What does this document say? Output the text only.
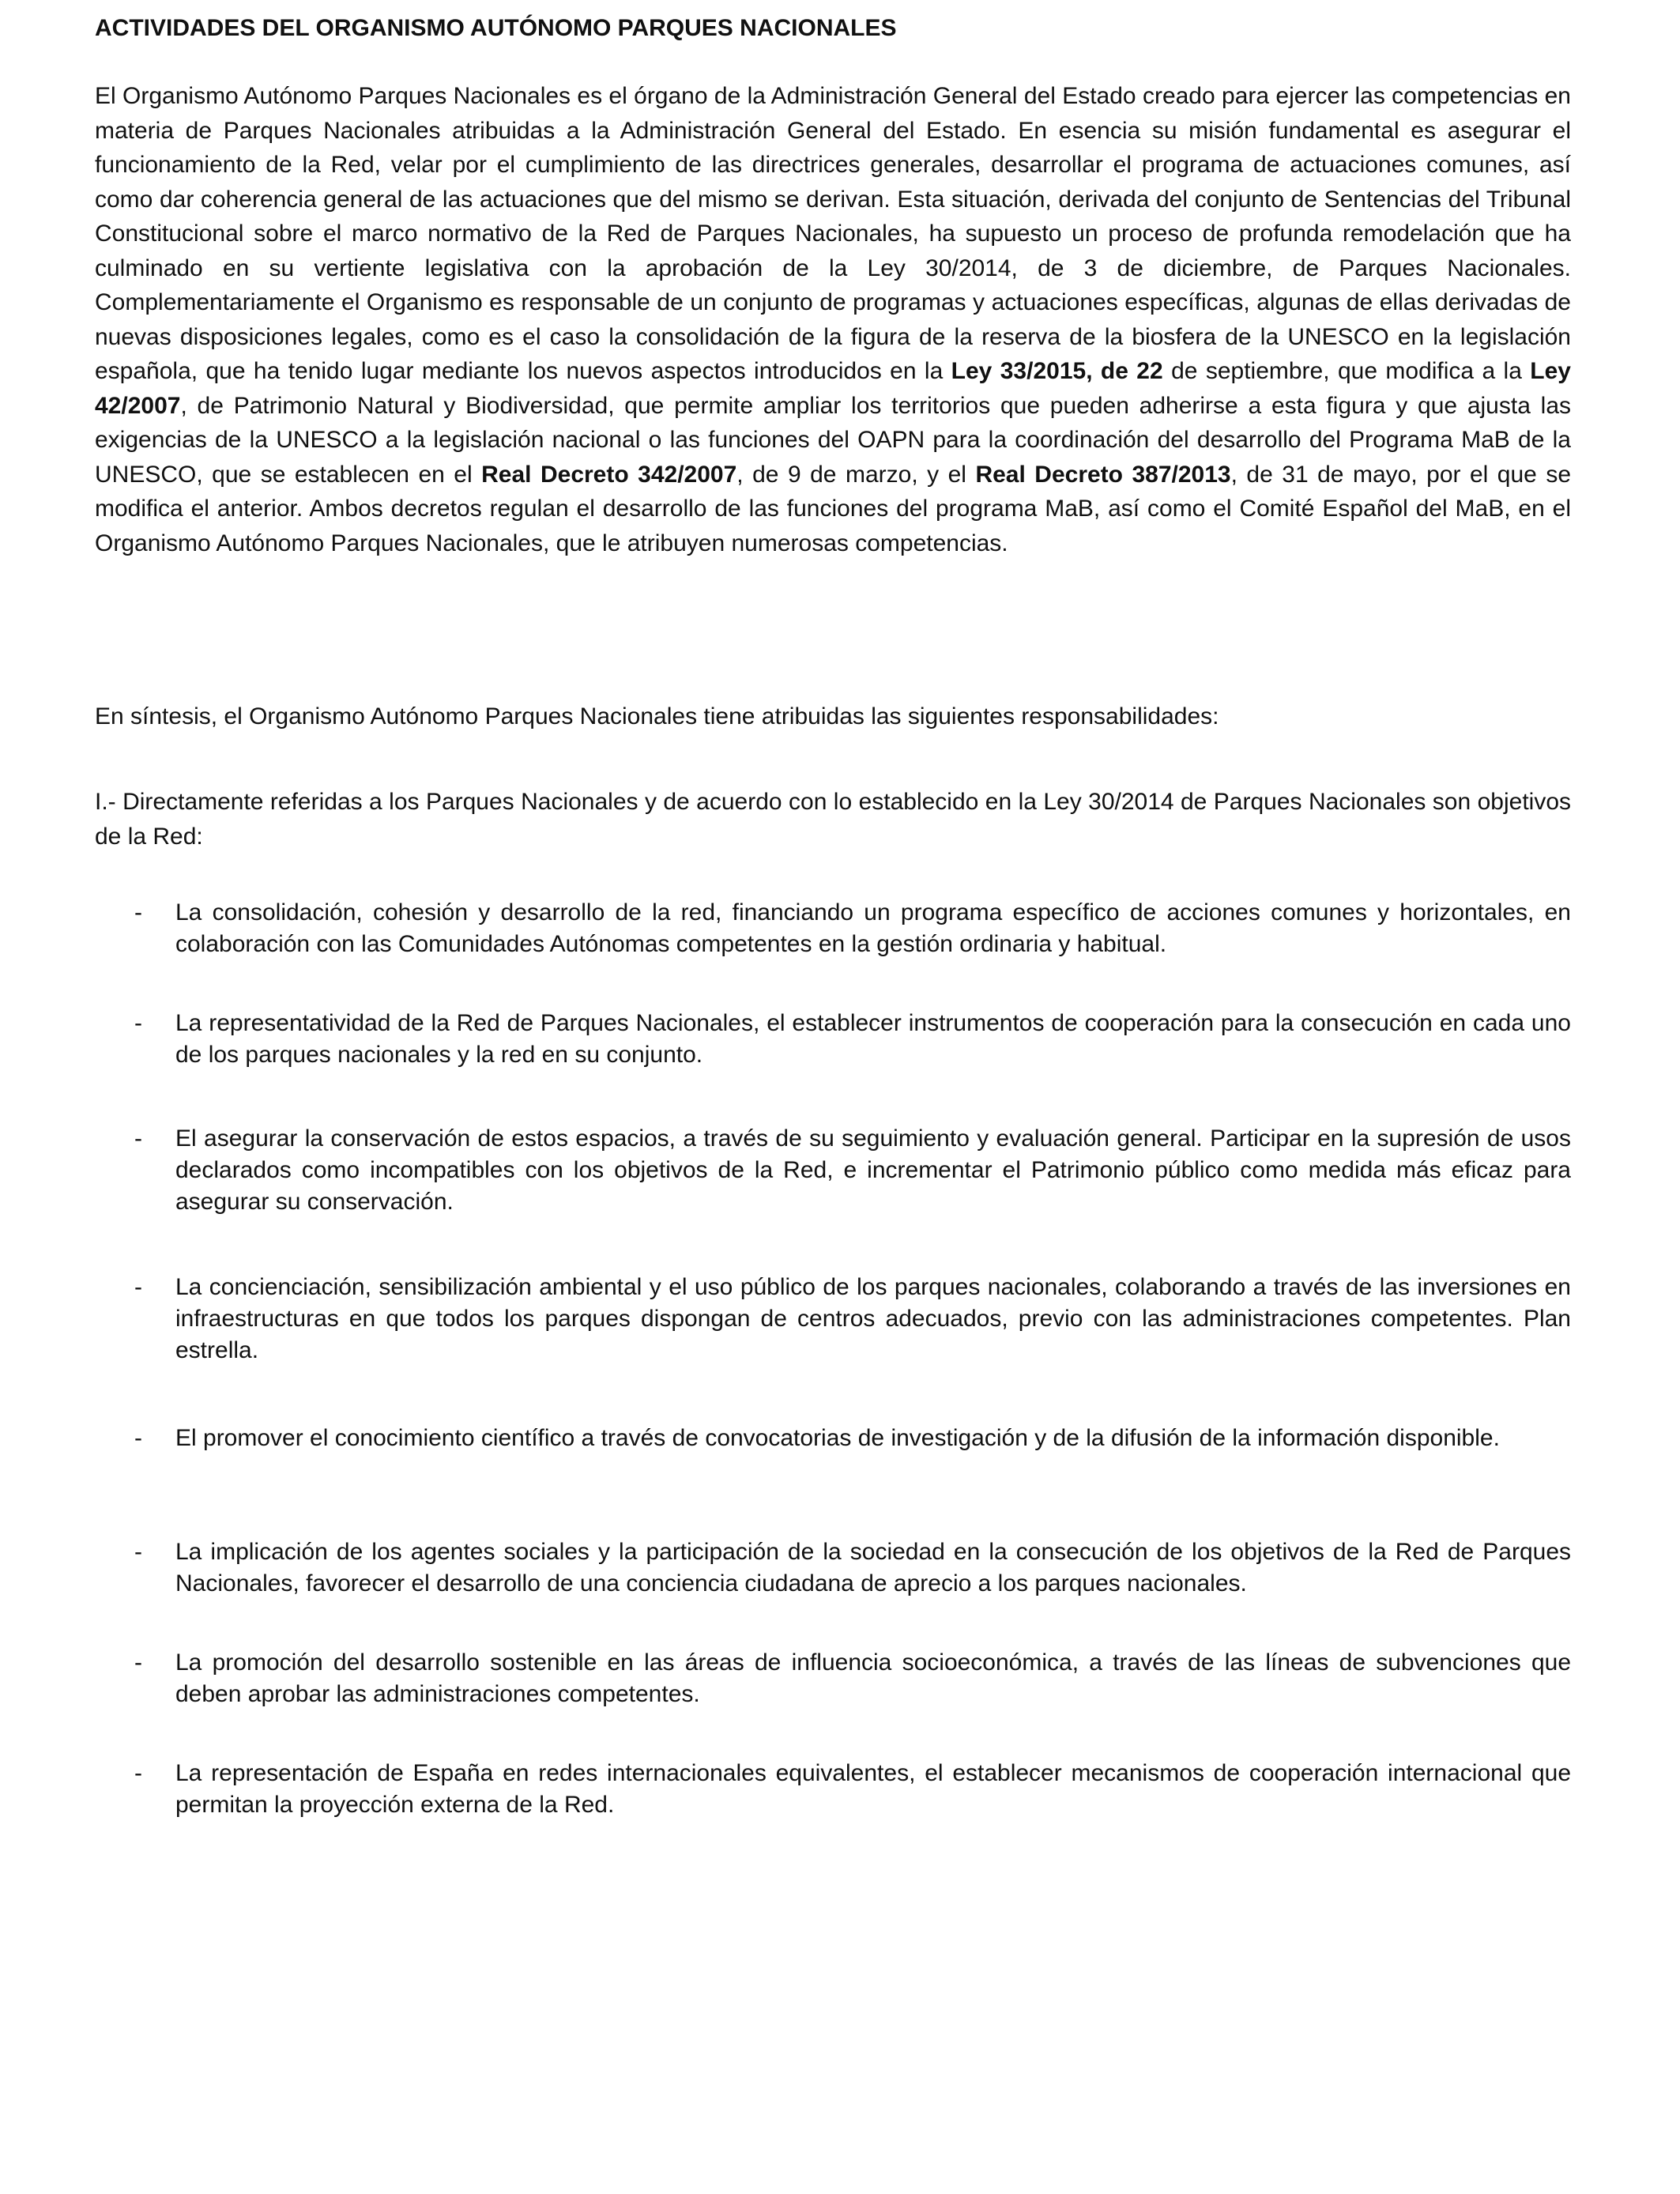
ACTIVIDADES DEL ORGANISMO AUTÓNOMO PARQUES NACIONALES

El Organismo Autónomo Parques Nacionales es el órgano de la Administración General del Estado creado para ejercer las competencias en materia de Parques Nacionales atribuidas a la Administración General del Estado. En esencia su misión fundamental es asegurar el funcionamiento de la Red, velar por el cumplimiento de las directrices generales, desarrollar el programa de actuaciones comunes, así como dar coherencia general de las actuaciones que del mismo se derivan. Esta situación, derivada del conjunto de Sentencias del Tribunal Constitucional sobre el marco normativo de la Red de Parques Nacionales, ha supuesto un proceso de profunda remodelación que ha culminado en su vertiente legislativa con la aprobación de la Ley 30/2014, de 3 de diciembre, de Parques Nacionales. Complementariamente el Organismo es responsable de un conjunto de programas y actuaciones específicas, algunas de ellas derivadas de nuevas disposiciones legales, como es el caso la consolidación de la figura de la reserva de la biosfera de la UNESCO en la legislación española, que ha tenido lugar mediante los nuevos aspectos introducidos en la Ley 33/2015, de 22 de septiembre, que modifica a la Ley 42/2007, de Patrimonio Natural y Biodiversidad, que permite ampliar los territorios que pueden adherirse a esta figura y que ajusta las exigencias de la UNESCO a la legislación nacional o las funciones del OAPN para la coordinación del desarrollo del Programa MaB de la UNESCO, que se establecen en el Real Decreto 342/2007, de 9 de marzo, y el Real Decreto 387/2013, de 31 de mayo, por el que se modifica el anterior. Ambos decretos regulan el desarrollo de las funciones del programa MaB, así como el Comité Español del MaB, en el Organismo Autónomo Parques Nacionales, que le atribuyen numerosas competencias.

En síntesis, el Organismo Autónomo Parques Nacionales tiene atribuidas las siguientes responsabilidades:

I.- Directamente referidas a los Parques Nacionales y de acuerdo con lo establecido en la Ley 30/2014 de Parques Nacionales son objetivos de la Red:

- La consolidación, cohesión y desarrollo de la red, financiando un programa específico de acciones comunes y horizontales, en colaboración con las Comunidades Autónomas competentes en la gestión ordinaria y habitual.

- La representatividad de la Red de Parques Nacionales, el establecer instrumentos de cooperación para la consecución en cada uno de los parques nacionales y la red en su conjunto.

- El asegurar la conservación de estos espacios, a través de su seguimiento y evaluación general. Participar en la supresión de usos declarados como incompatibles con los objetivos de la Red, e incrementar el Patrimonio público como medida más eficaz para asegurar su conservación.

- La concienciación, sensibilización ambiental y el uso público de los parques nacionales, colaborando a través de las inversiones en infraestructuras en que todos los parques dispongan de centros adecuados, previo con las administraciones competentes. Plan estrella.

- El promover el conocimiento científico a través de convocatorias de investigación y de la difusión de la información disponible.

- La implicación de los agentes sociales y la participación de la sociedad en la consecución de los objetivos de la Red de Parques Nacionales, favorecer el desarrollo de una conciencia ciudadana de aprecio a los parques nacionales.

- La promoción del desarrollo sostenible en las áreas de influencia socioeconómica, a través de las líneas de subvenciones que deben aprobar las administraciones competentes.

- La representación de España en redes internacionales equivalentes, el establecer mecanismos de cooperación internacional que permitan la proyección externa de la Red.
